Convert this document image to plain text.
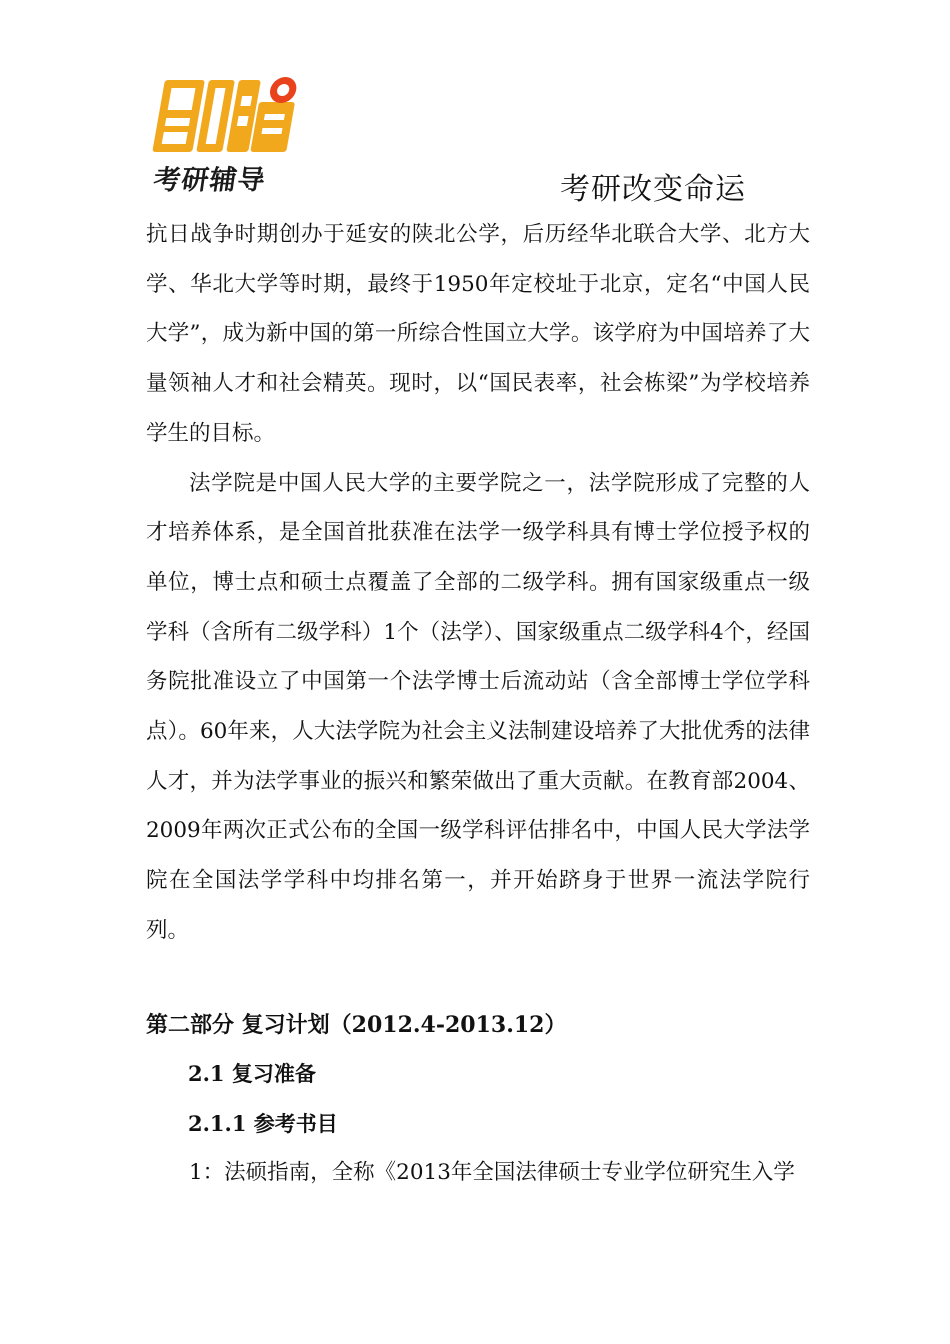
考研辅导	考研改变命运

抗日战争时期创办于延安的陕北公学，后历经华北联合大学、北方大学、华北大学等时期，最终于1950年定校址于北京，定名“中国人民大学”，成为新中国的第一所综合性国立大学。该学府为中国培养了大量领袖人才和社会精英。现时，以“国民表率，社会栋梁”为学校培养学生的目标。

法学院是中国人民大学的主要学院之一，法学院形成了完整的人才培养体系，是全国首批获准在法学一级学科具有博士学位授予权的单位，博士点和硕士点覆盖了全部的二级学科。拥有国家级重点一级学科（含所有二级学科）1个（法学）、国家级重点二级学科4个，经国务院批准设立了中国第一个法学博士后流动站（含全部博士学位学科点）。60年来，人大法学院为社会主义法制建设培养了大批优秀的法律人才，并为法学事业的振兴和繁荣做出了重大贡献。在教育部2004、2009年两次正式公布的全国一级学科评估排名中，中国人民大学法学院在全国法学学科中均排名第一，并开始跻身于世界一流法学院行列。

第二部分 复习计划（2012.4-2013.12）
2.1 复习准备
2.1.1 参考书目
1：法硕指南，全称《2013年全国法律硕士专业学位研究生入学
